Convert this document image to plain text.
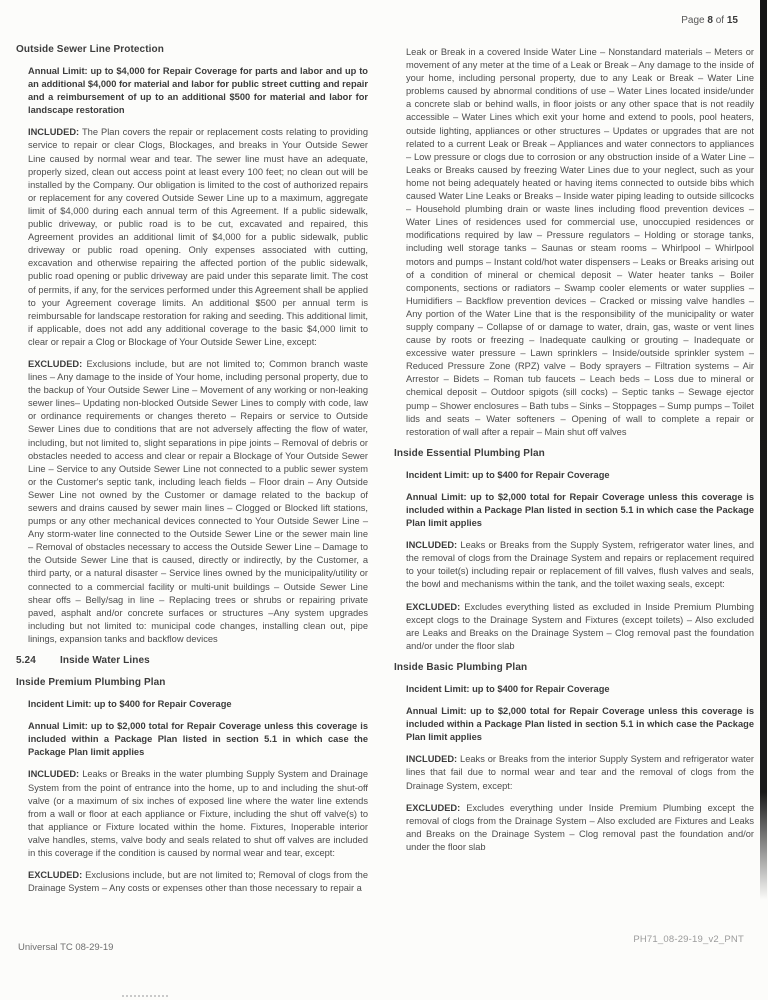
Page 8 of 15
Outside Sewer Line Protection

Annual Limit: up to $4,000 for Repair Coverage for parts and labor and up to an additional $4,000 for material and labor for public street cutting and repair and a reimbursement of up to an additional $500 for material and labor for landscape restoration

INCLUDED: The Plan covers the repair or replacement costs relating to providing service to repair or clear Clogs, Blockages, and breaks in Your Outside Sewer Line caused by normal wear and tear. The sewer line must have an adequate, properly sized, clean out access point at least every 100 feet; no clean out will be installed by the Company. Our obligation is limited to the cost of authorized repairs or replacement for any covered Outside Sewer Line up to a maximum, aggregate limit of $4,000 during each annual term of this Agreement. If a public sidewalk, public driveway, or public road is to be cut, excavated and repaired, this Agreement provides an additional limit of $4,000 for a public sidewalk, public driveway or public road opening. Only expenses associated with cutting, excavation and otherwise repairing the affected portion of the public sidewalk, public road opening or public driveway are paid under this separate limit. The cost of permits, if any, for the services performed under this Agreement shall be applied to your Agreement coverage limits. An additional $500 per annual term is reimbursable for landscape restoration for raking and seeding. This additional limit, if applicable, does not add any additional coverage to the basic $4,000 limit to clear or repair a Clog or Blockage of Your Outside Sewer Line, except:

EXCLUDED: Exclusions include, but are not limited to; Common branch waste lines – Any damage to the inside of Your home, including personal property, due to the backup of Your Outside Sewer Line – Movement of any working or non-leaking sewer lines– Updating non-blocked Outside Sewer Lines to comply with code, law or ordinance requirements or changes thereto – Repairs or service to Outside Sewer Lines due to conditions that are not adversely affecting the flow of water, including, but not limited to, slight separations in pipe joints – Removal of debris or obstacles needed to access and clear or repair a Blockage of Your Outside Sewer Line – Service to any Outside Sewer Line not connected to a public sewer system or the Customer's septic tank, including leach fields – Floor drain – Any Outside Sewer Line not owned by the Customer or damage related to the backup of sewers and drains caused by sewer main lines – Clogged or Blocked lift stations, pumps or any other mechanical devices connected to Your Outside Sewer Line –Any storm-water line connected to the Outside Sewer Line or the sewer main line – Removal of obstacles necessary to access the Outside Sewer Line – Damage to the Outside Sewer Line that is caused, directly or indirectly, by the Customer, a third party, or a natural disaster – Service lines owned by the municipality/utility or connected to a commercial facility or multi-unit buildings – Outside Sewer Line shear offs – Belly/sag in line – Replacing trees or shrubs or repairing private paved, asphalt and/or concrete surfaces or structures –Any system upgrades including but not limited to: municipal code changes, installing clean out, pipe linings, expansion tanks and backflow devices

5.24	Inside Water Lines
Inside Premium Plumbing Plan

Incident Limit: up to $400 for Repair Coverage

Annual Limit: up to $2,000 total for Repair Coverage unless this coverage is included within a Package Plan listed in section 5.1 in which case the Package Plan limit applies

INCLUDED: Leaks or Breaks in the water plumbing Supply System and Drainage System from the point of entrance into the home, up to and including the shut-off valve (or a maximum of six inches of exposed line where the water line extends from a wall or floor at each appliance or Fixture, including the shut off valve(s) to that appliance or Fixture located within the home. Fixtures, Inoperable interior valve handles, stems, valve body and seals related to shut off valves are included in this coverage if the condition is caused by normal wear and tear, except:

EXCLUDED: Exclusions include, but are not limited to; Removal of clogs from the Drainage System – Any costs or expenses other than those necessary to repair a

Leak or Break in a covered Inside Water Line – Nonstandard materials – Meters or movement of any meter at the time of a Leak or Break – Any damage to the inside of your home, including personal property, due to any Leak or Break – Water Line problems caused by abnormal conditions of use – Water Lines located inside/under a concrete slab or behind walls, in floor joists or any other space that is not readily accessible – Water Lines which exit your home and extend to pools, pool heaters, outside lighting, appliances or other structures – Updates or upgrades that are not related to a current Leak or Break – Appliances and water connectors to appliances – Low pressure or clogs due to corrosion or any obstruction inside of a Water Line – Leaks or Breaks caused by freezing Water Lines due to your neglect, such as your home not being adequately heated or having items connected to outside bibs which caused Water Line Leaks or Breaks – Inside water piping leading to outside sillcocks – Household plumbing drain or waste lines including flood prevention devices – Water Lines of residences used for commercial use, unoccupied residences or modifications required by law – Pressure regulators – Holding or storage tanks, including well storage tanks – Saunas or steam rooms – Whirlpool – Whirlpool motors and pumps – Instant cold/hot water dispensers – Leaks or Breaks arising out of a condition of mineral or chemical deposit – Water heater tanks – Boiler components, sections or radiators – Swamp cooler elements or water supplies – Humidifiers – Backflow prevention devices – Cracked or missing valve handles – Any portion of the Water Line that is the responsibility of the municipality or water supply company – Collapse of or damage to water, drain, gas, waste or vent lines cause by roots or freezing – Inadequate caulking or grouting – Inadequate or excessive water pressure – Lawn sprinklers – Inside/outside sprinkler system – Reduced Pressure Zone (RPZ) valve – Body sprayers – Filtration systems – Air Arrestor – Bidets – Roman tub faucets – Leach beds – Loss due to mineral or chemical deposit – Outdoor spigots (sill cocks) – Septic tanks – Sewage ejector pump – Shower enclosures – Bath tubs – Sinks – Stoppages – Sump pumps – Toilet lids and seats – Water softeners – Opening of wall to complete a repair or restoration of wall after a repair – Main shut off valves

Inside Essential Plumbing Plan

Incident Limit: up to $400 for Repair Coverage

Annual Limit: up to $2,000 total for Repair Coverage unless this coverage is included within a Package Plan listed in section 5.1 in which case the Package Plan limit applies

INCLUDED: Leaks or Breaks from the Supply System, refrigerator water lines, and the removal of clogs from the Drainage System and repairs or replacement required to your toilet(s) including repair or replacement of fill valves, flush valves and seals, the bowl and mechanisms within the tank, and the toilet waxing seals, except:

EXCLUDED: Excludes everything listed as excluded in Inside Premium Plumbing except clogs to the Drainage System and Fixtures (except toilets) – Also excluded are Leaks and Breaks on the Drainage System – Clog removal past the foundation and/or under the floor slab

Inside Basic Plumbing Plan

Incident Limit: up to $400 for Repair Coverage

Annual Limit: up to $2,000 total for Repair Coverage unless this coverage is included within a Package Plan listed in section 5.1 in which case the Package Plan limit applies

INCLUDED: Leaks or Breaks from the interior Supply System and refrigerator water lines that fail due to normal wear and tear and the removal of clogs from the Drainage System, except:

EXCLUDED: Excludes everything under Inside Premium Plumbing except the removal of clogs from the Drainage System – Also excluded are Fixtures and Leaks and Breaks on the Drainage System – Clog removal past the foundation and/or under the floor slab

Universal TC 08-29-19
PH71_08-29-19_v2_PNT
